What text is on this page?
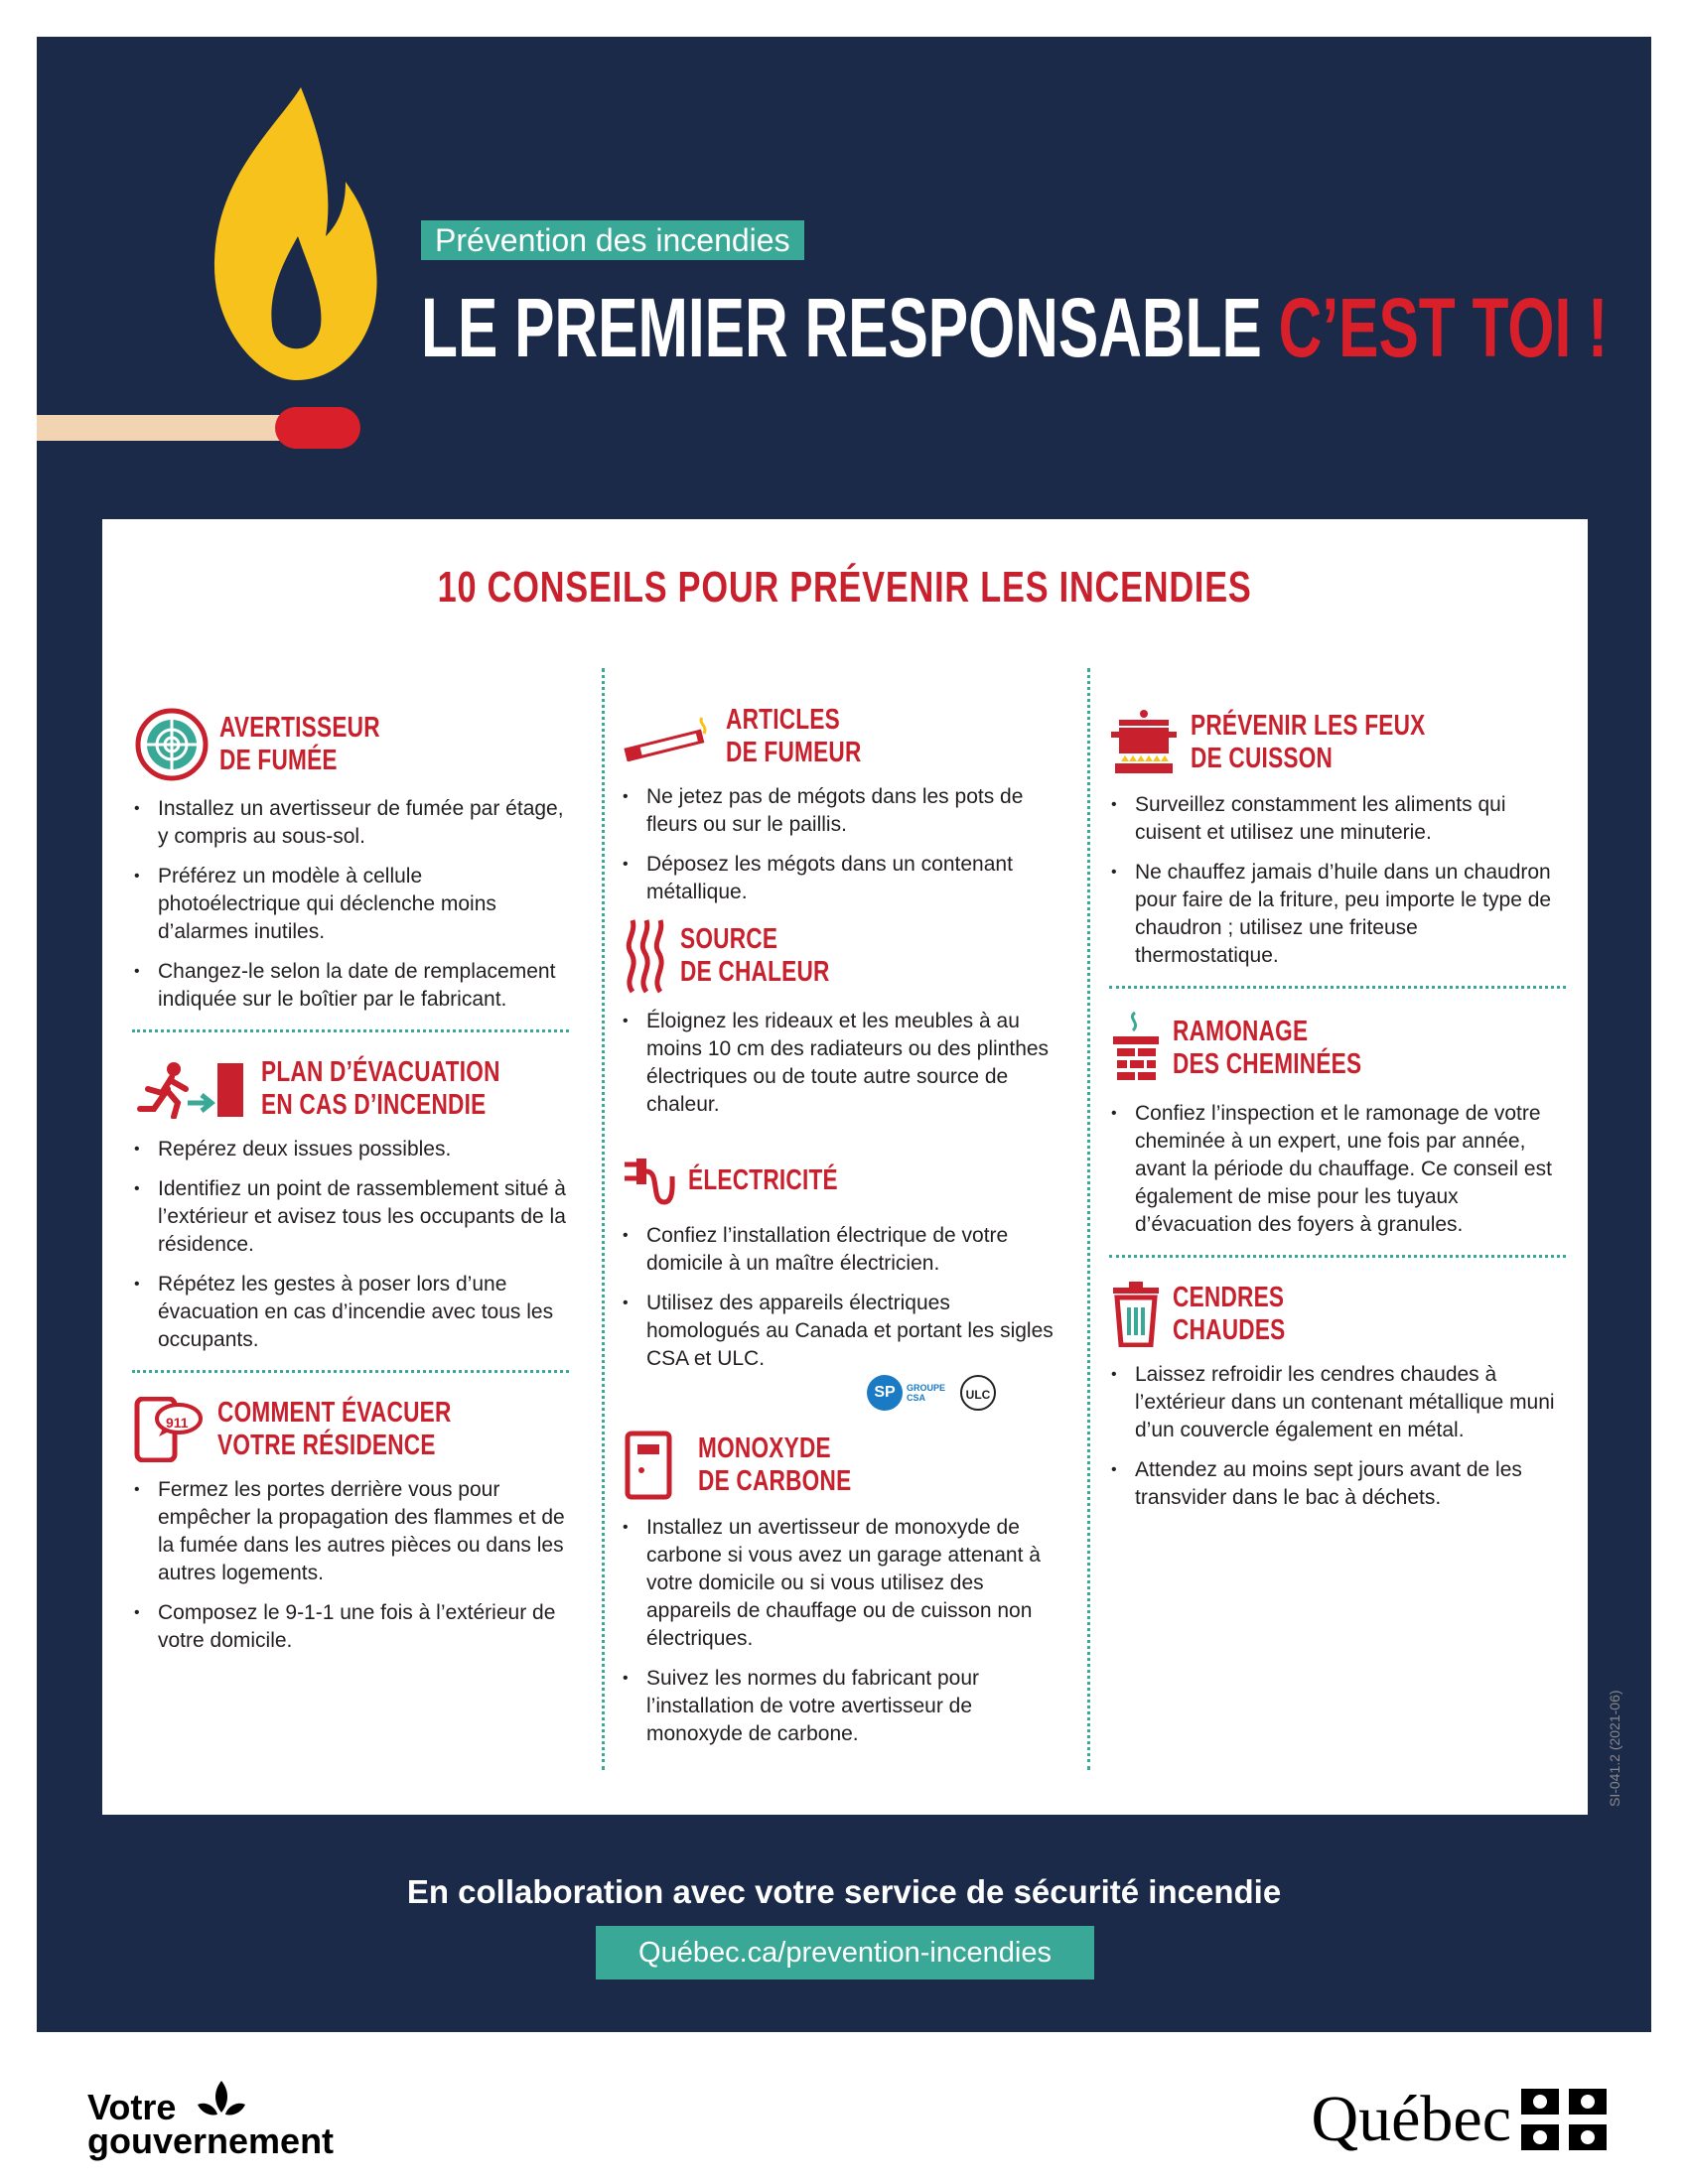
Prévention des incendies
LE PREMIER RESPONSABLE C’EST TOI !
10 CONSEILS POUR PRÉVENIR LES INCENDIES
AVERTISSEUR
DE FUMÉE
• Installez un avertisseur de fumée par étage, y compris au sous-sol.
• Préférez un modèle à cellule photoélectrique qui déclenche moins d’alarmes inutiles.
• Changez-le selon la date de remplacement indiquée sur le boîtier par le fabricant.
PLAN D’ÉVACUATION
EN CAS D’INCENDIE
• Repérez deux issues possibles.
• Identifiez un point de rassemblement situé à l’extérieur et avisez tous les occupants de la résidence.
• Répétez les gestes à poser lors d’une évacuation en cas d’incendie avec tous les occupants.
911 COMMENT ÉVACUER
VOTRE RÉSIDENCE
• Fermez les portes derrière vous pour empêcher la propagation des flammes et de la fumée dans les autres pièces ou dans les autres logements.
• Composez le 9-1-1 une fois à l’extérieur de votre domicile.
ARTICLES
DE FUMEUR
• Ne jetez pas de mégots dans les pots de fleurs ou sur le paillis.
• Déposez les mégots dans un contenant métallique.
SOURCE
DE CHALEUR
• Éloignez les rideaux et les meubles à au moins 10 cm des radiateurs ou des plinthes électriques ou de toute autre source de chaleur.
ÉLECTRICITÉ
• Confiez l’installation électrique de votre domicile à un maître électricien.
• Utilisez des appareils électriques homologués au Canada et portant les sigles CSA et ULC.
SP	GROUPE CSA	ULC
MONOXYDE
DE CARBONE
• Installez un avertisseur de monoxyde de carbone si vous avez un garage attenant à votre domicile ou si vous utilisez des appareils de chauffage ou de cuisson non électriques.
• Suivez les normes du fabricant pour l’installation de votre avertisseur de monoxyde de carbone.
PRÉVENIR LES FEUX
DE CUISSON
• Surveillez constamment les aliments qui cuisent et utilisez une minuterie.
• Ne chauffez jamais d’huile dans un chaudron pour faire de la friture, peu importe le type de chaudron ; utilisez une friteuse thermostatique.
RAMONAGE
DES CHEMINÉES
• Confiez l’inspection et le ramonage de votre cheminée à un expert, une fois par année, avant la période du chauffage. Ce conseil est également de mise pour les tuyaux d’évacuation des foyers à granules.
CENDRES
CHAUDES
• Laissez refroidir les cendres chaudes à l’extérieur dans un contenant métallique muni d’un couvercle également en métal.
• Attendez au moins sept jours avant de les transvider dans le bac à déchets.
SI-041.2 (2021-06)
En collaboration avec votre service de sécurité incendie
Québec.ca/prevention-incendies
Votre
gouvernement	Québec
